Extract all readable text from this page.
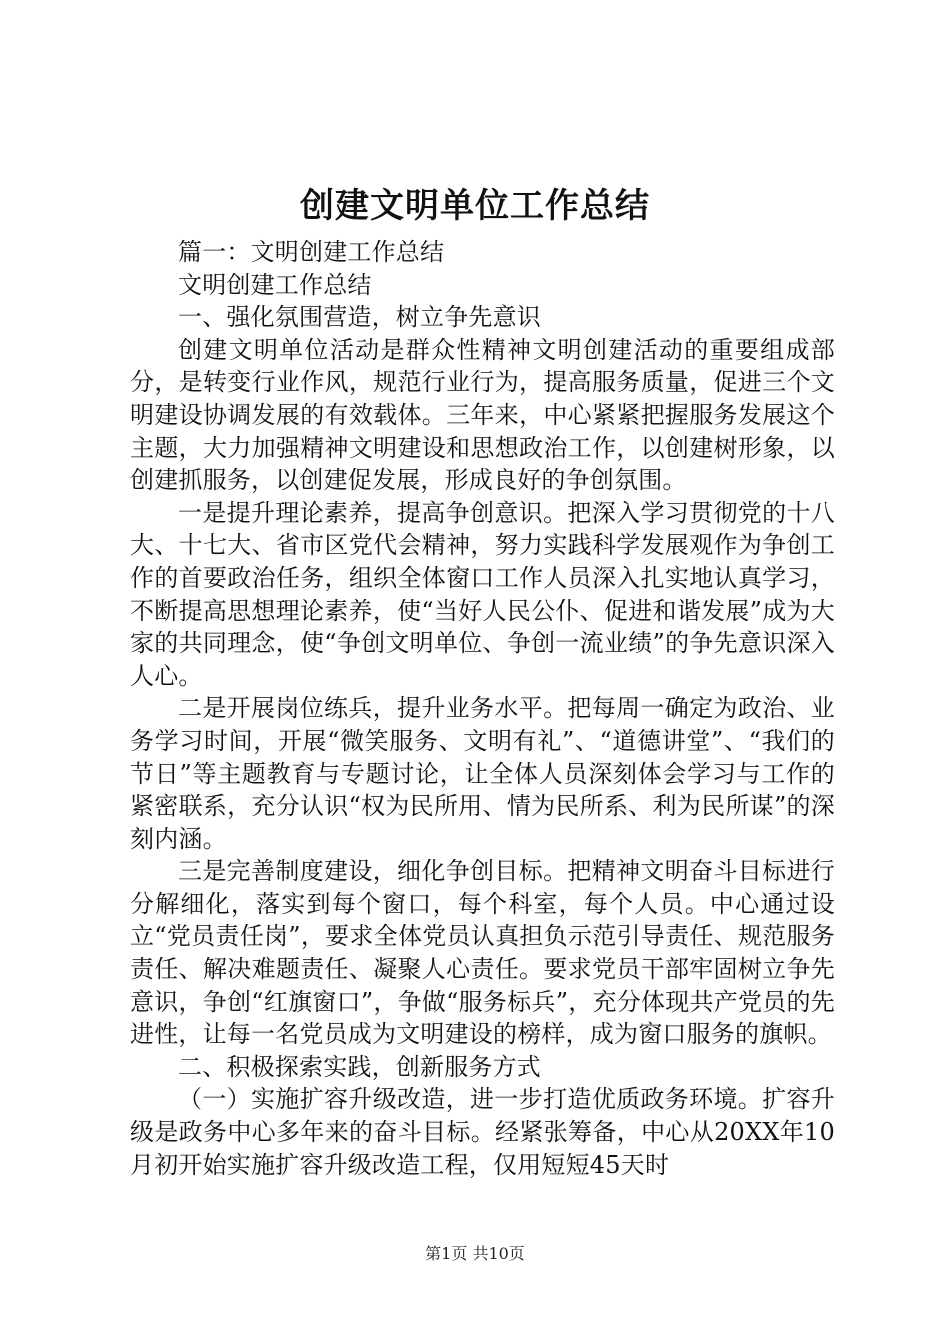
创建文明单位工作总结

篇一：文明创建工作总结

文明创建工作总结

一、强化氛围营造，树立争先意识

创建文明单位活动是群众性精神文明创建活动的重要组成部分，是转变行业作风，规范行业行为，提高服务质量，促进三个文明建设协调发展的有效载体。三年来，中心紧紧把握服务发展这个主题，大力加强精神文明建设和思想政治工作，以创建树形象，以创建抓服务，以创建促发展，形成良好的争创氛围。

一是提升理论素养，提高争创意识。把深入学习贯彻党的十八大、十七大、省市区党代会精神，努力实践科学发展观作为争创工作的首要政治任务，组织全体窗口工作人员深入扎实地认真学习，不断提高思想理论素养，使“当好人民公仆、促进和谐发展”成为大家的共同理念，使“争创文明单位、争创一流业绩”的争先意识深入人心。

二是开展岗位练兵，提升业务水平。把每周一确定为政治、业务学习时间，开展“微笑服务、文明有礼”、“道德讲堂”、“我们的节日”等主题教育与专题讨论，让全体人员深刻体会学习与工作的紧密联系，充分认识“权为民所用、情为民所系、利为民所谋”的深刻内涵。

三是完善制度建设，细化争创目标。把精神文明奋斗目标进行分解细化，落实到每个窗口，每个科室，每个人员。中心通过设立“党员责任岗”，要求全体党员认真担负示范引导责任、规范服务责任、解决难题责任、凝聚人心责任。要求党员干部牢固树立争先意识，争创“红旗窗口”，争做“服务标兵”，充分体现共产党员的先进性，让每一名党员成为文明建设的榜样，成为窗口服务的旗帜。

二、积极探索实践，创新服务方式

（一）实施扩容升级改造，进一步打造优质政务环境。扩容升级是政务中心多年来的奋斗目标。经紧张筹备，中心从20XX年10月初开始实施扩容升级改造工程，仅用短短45天时

第1页 共10页
